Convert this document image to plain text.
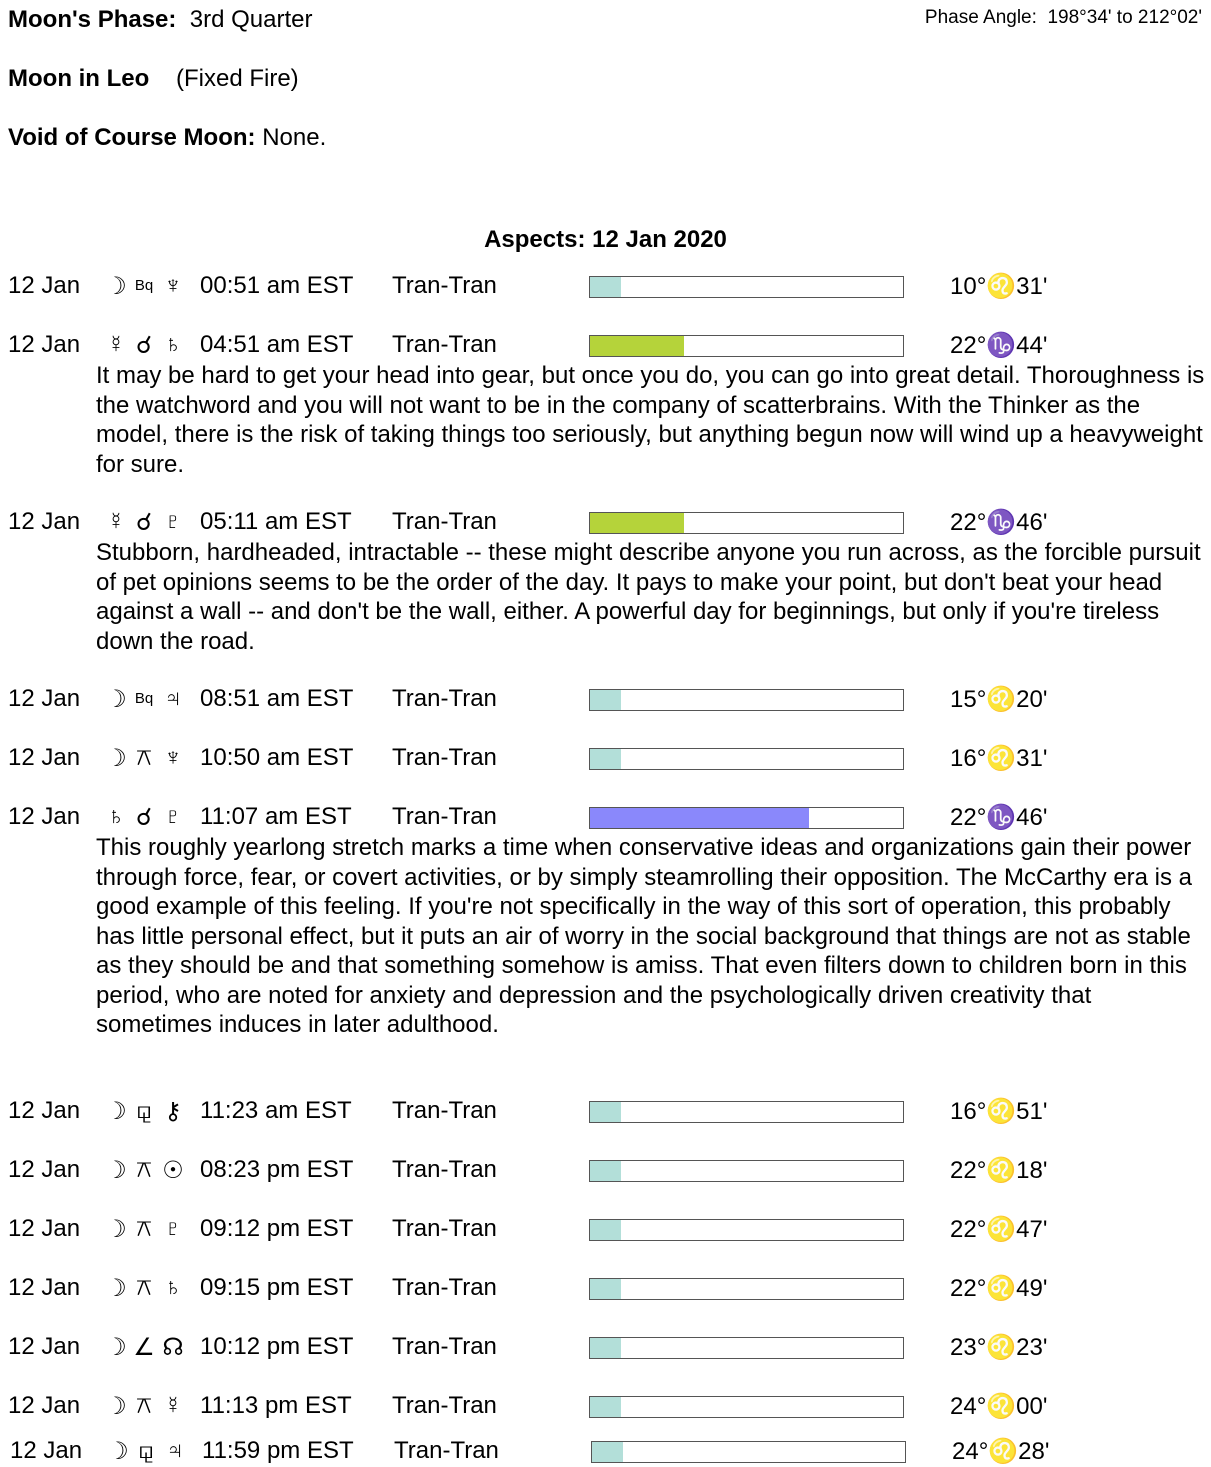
Moon's Phase: 3rd Quarter	Phase Angle: 198°34' to 212°02'
Moon in Leo (Fixed Fire)
Void of Course Moon: None.
Aspects: 12 Jan 2020
12 Jan ☽ Bq ♆ 00:51 am EST Tran-Tran	10°♌31'
12 Jan ☿ ☌ ♄ 04:51 am EST Tran-Tran	22°♑44'
It may be hard to get your head into gear, but once you do, you can go into great detail. Thoroughness is the watchword and you will not want to be in the company of scatterbrains. With the Thinker as the model, there is the risk of taking things too seriously, but anything begun now will wind up a heavyweight for sure.
12 Jan ☿ ☌ ♇ 05:11 am EST Tran-Tran	22°♑46'
Stubborn, hardheaded, intractable -- these might describe anyone you run across, as the forcible pursuit of pet opinions seems to be the order of the day. It pays to make your point, but don't beat your head against a wall -- and don't be the wall, either. A powerful day for beginnings, but only if you're tireless down the road.
12 Jan ☽ Bq ♃ 08:51 am EST Tran-Tran	15°♌20'
12 Jan ☽ ⚻ ♆ 10:50 am EST Tran-Tran	16°♌31'
12 Jan ♄ ☌ ♇ 11:07 am EST Tran-Tran	22°♑46'
This roughly yearlong stretch marks a time when conservative ideas and organizations gain their power through force, fear, or covert activities, or by simply steamrolling their opposition. The McCarthy era is a good example of this feeling. If you're not specifically in the way of this sort of operation, this probably has little personal effect, but it puts an air of worry in the social background that things are not as stable as they should be and that something somehow is amiss. That even filters down to children born in this period, who are noted for anxiety and depression and the psychologically driven creativity that sometimes induces in later adulthood.
12 Jan ☽ ⚼ ⚷ 11:23 am EST Tran-Tran	16°♌51'
12 Jan ☽ ⚻ ☉ 08:23 pm EST Tran-Tran	22°♌18'
12 Jan ☽ ⚻ ♇ 09:12 pm EST Tran-Tran	22°♌47'
12 Jan ☽ ⚻ ♄ 09:15 pm EST Tran-Tran	22°♌49'
12 Jan ☽ ∠ ☊ 10:12 pm EST Tran-Tran	23°♌23'
12 Jan ☽ ⚻ ☿ 11:13 pm EST Tran-Tran	24°♌00'
12 Jan ☽ ⚼ ♃ 11:59 pm EST Tran-Tran	24°♌28'
